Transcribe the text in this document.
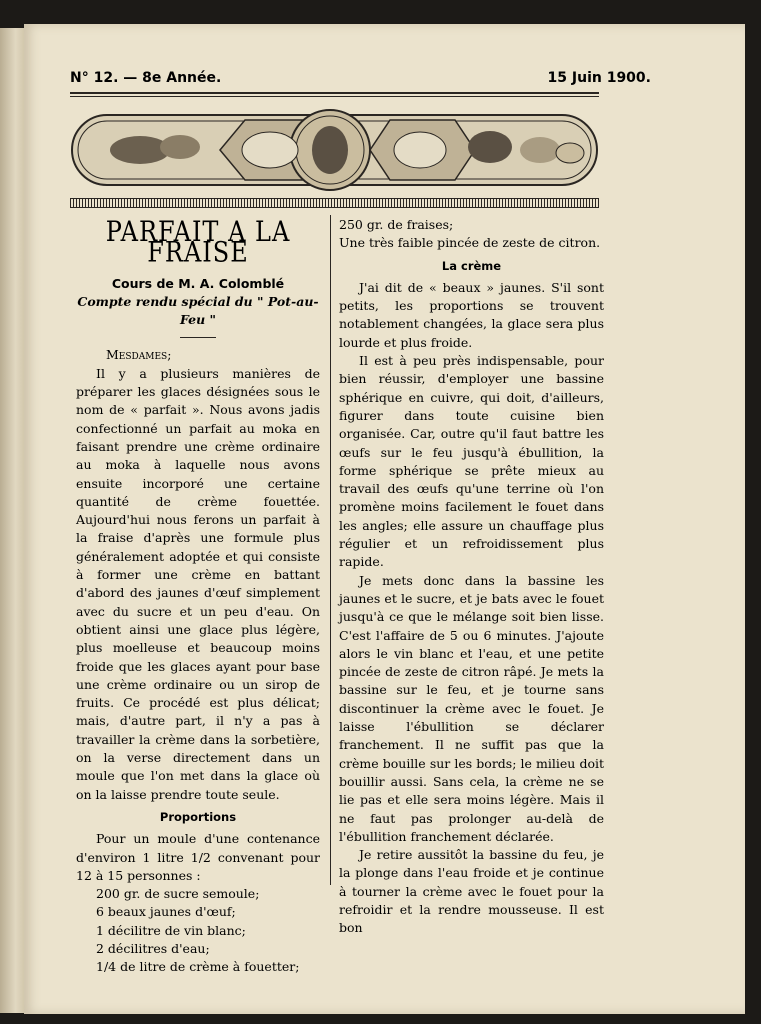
N° 12. — 8e Année.	15 Juin 1900.
PARFAIT A LA FRAISE
Cours de M. A. Colomblé
Compte rendu spécial du " Pot-au-Feu "
Mesdames;

Il y a plusieurs manières de préparer les glaces désignées sous le nom de « parfait ». Nous avons jadis confectionné un parfait au moka en faisant prendre une crème ordinaire au moka à laquelle nous avons ensuite incorporé une certaine quantité de crème fouettée. Aujourd'hui nous ferons un parfait à la fraise d'après une formule plus généralement adoptée et qui consiste à former une crème en battant d'abord des jaunes d'œuf simplement avec du sucre et un peu d'eau. On obtient ainsi une glace plus légère, plus moelleuse et beaucoup moins froide que les glaces ayant pour base une crème ordinaire ou un sirop de fruits. Ce procédé est plus délicat; mais, d'autre part, il n'y a pas à travailler la crème dans la sorbetière, on la verse directement dans un moule que l'on met dans la glace où on la laisse prendre toute seule.

Proportions

Pour un moule d'une contenance d'environ 1 litre 1/2 convenant pour 12 à 15 personnes :

200 gr. de sucre semoule;
6 beaux jaunes d'œuf;
1 décilitre de vin blanc;
2 décilitres d'eau;
1/4 de litre de crème à fouetter;
250 gr. de fraises;
Une très faible pincée de zeste de citron.
La crème

J'ai dit de « beaux » jaunes. S'il sont petits, les proportions se trouvent notablement changées, la glace sera plus lourde et plus froide.

Il est à peu près indispensable, pour bien réussir, d'employer une bassine sphérique en cuivre, qui doit, d'ailleurs, figurer dans toute cuisine bien organisée. Car, outre qu'il faut battre les œufs sur le feu jusqu'à ébullition, la forme sphérique se prête mieux au travail des œufs qu'une terrine où l'on promène moins facilement le fouet dans les angles; elle assure un chauffage plus régulier et un refroidissement plus rapide.

Je mets donc dans la bassine les jaunes et le sucre, et je bats avec le fouet jusqu'à ce que le mélange soit bien lisse. C'est l'affaire de 5 ou 6 minutes. J'ajoute alors le vin blanc et l'eau, et une petite pincée de zeste de citron râpé. Je mets la bassine sur le feu, et je tourne sans discontinuer la crème avec le fouet. Je laisse l'ébullition se déclarer franchement. Il ne suffit pas que la crème bouille sur les bords; le milieu doit bouillir aussi. Sans cela, la crème ne se lie pas et elle sera moins légère. Mais il ne faut pas prolonger au-delà de l'ébullition franchement déclarée.

Je retire aussitôt la bassine du feu, je la plonge dans l'eau froide et je continue à tourner la crème avec le fouet pour la refroidir et la rendre mousseuse. Il est bon
